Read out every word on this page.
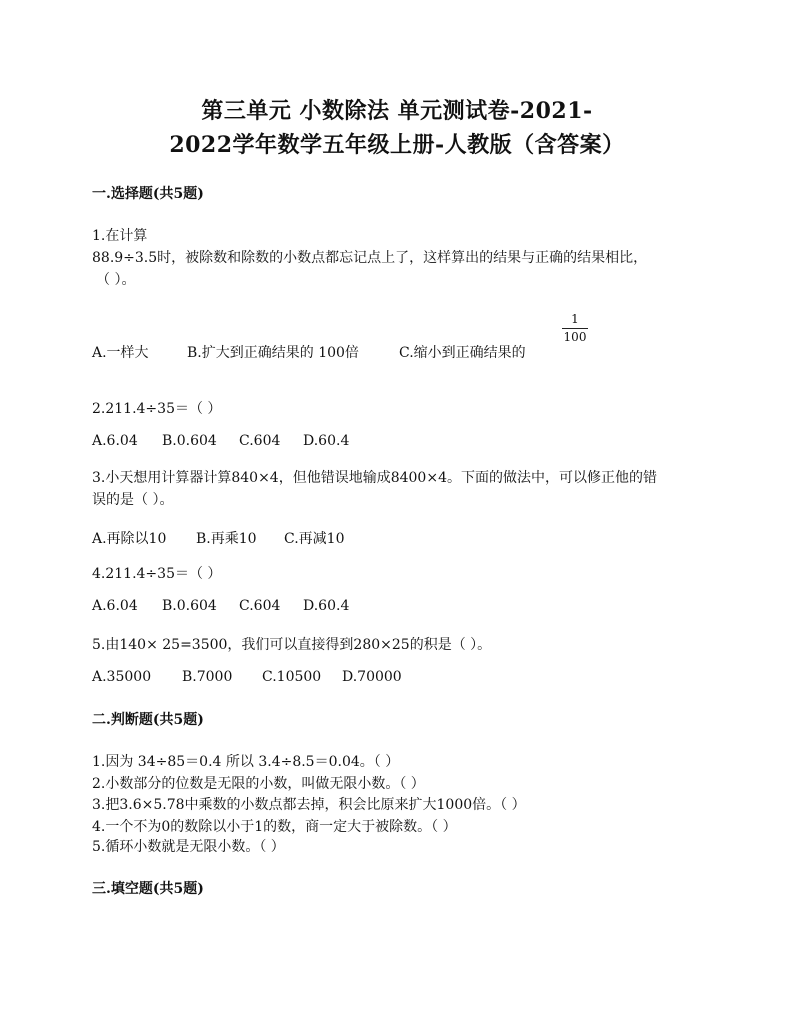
第三单元 小数除法 单元测试卷-2021-
2022学年数学五年级上册-人教版（含答案）
一.选择题(共5题)
1.在计算
88.9÷3.5时，被除数和除数的小数点都忘记点上了，这样算出的结果与正确的结果相比，
（ ）。
1
100
A.一样大	B.扩大到正确结果的 100倍	C.缩小到正确结果的
2.211.4÷35＝（ ）
A.6.04 B.0.604 C.604 D.60.4
3.小天想用计算器计算840×4，但他错误地输成8400×4。下面的做法中，可以修正他的错
误的是（ ）。
A.再除以10 B.再乘10 C.再减10
4.211.4÷35＝（ ）
A.6.04 B.0.604 C.604 D.60.4
5.由140× 25=3500，我们可以直接得到280×25的积是（ ）。
A.35000 B.7000 C.10500 D.70000
二.判断题(共5题)
1.因为 34÷85＝0.4 所以 3.4÷8.5＝0.04。（ ）
2.小数部分的位数是无限的小数，叫做无限小数。（ ）
3.把3.6×5.78中乘数的小数点都去掉，积会比原来扩大1000倍。（ ）
4.一个不为0的数除以小于1的数，商一定大于被除数。（ ）
5.循环小数就是无限小数。（ ）
三.填空题(共5题)
